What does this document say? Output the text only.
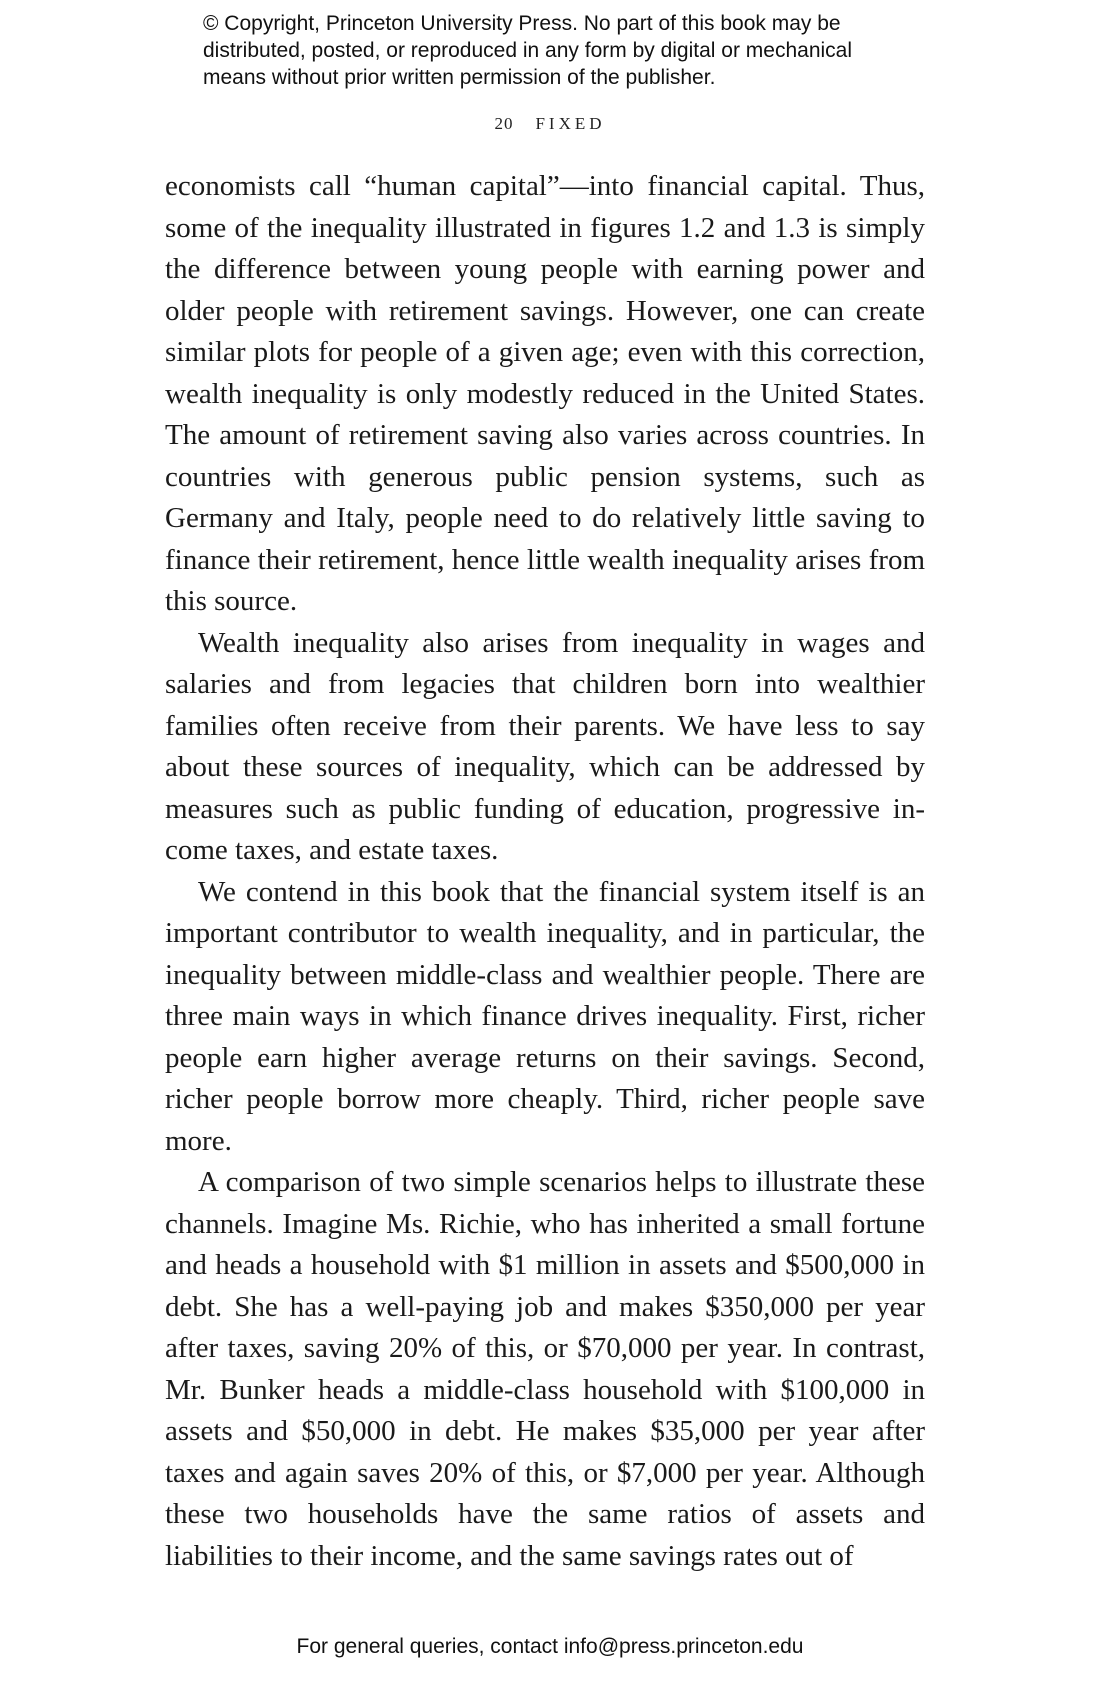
© Copyright, Princeton University Press. No part of this book may be
distributed, posted, or reproduced in any form by digital or mechanical
means without prior written permission of the publisher.
20 FIXED

economists call “human capital”—into financial capital. Thus, some of the inequality illustrated in figures 1.2 and 1.3 is simply the difference between young people with earning power and older people with retirement savings. However, one can create similar plots for people of a given age; even with this correction, wealth inequality is only modestly reduced in the United States. The amount of retirement saving also varies across countries. In countries with generous public pension systems, such as Germany and Italy, people need to do relatively little saving to finance their retirement, hence little wealth inequality arises from this source.

Wealth inequality also arises from inequality in wages and salaries and from legacies that children born into wealthier families often receive from their parents. We have less to say about these sources of inequality, which can be addressed by measures such as public funding of education, progressive income taxes, and estate taxes.

We contend in this book that the financial system itself is an important contributor to wealth inequality, and in particular, the inequality between middle-class and wealthier people. There are three main ways in which finance drives inequality. First, richer people earn higher average returns on their savings. Second, richer people borrow more cheaply. Third, richer people save more.

A comparison of two simple scenarios helps to illustrate these channels. Imagine Ms. Richie, who has inherited a small fortune and heads a household with $1 million in assets and $500,000 in debt. She has a well-paying job and makes $350,000 per year after taxes, saving 20% of this, or $70,000 per year. In contrast, Mr. Bunker heads a middle-class household with $100,000 in assets and $50,000 in debt. He makes $35,000 per year after taxes and again saves 20% of this, or $7,000 per year. Although these two households have the same ratios of assets and liabilities to their income, and the same savings rates out of

For general queries, contact info@press.princeton.edu
